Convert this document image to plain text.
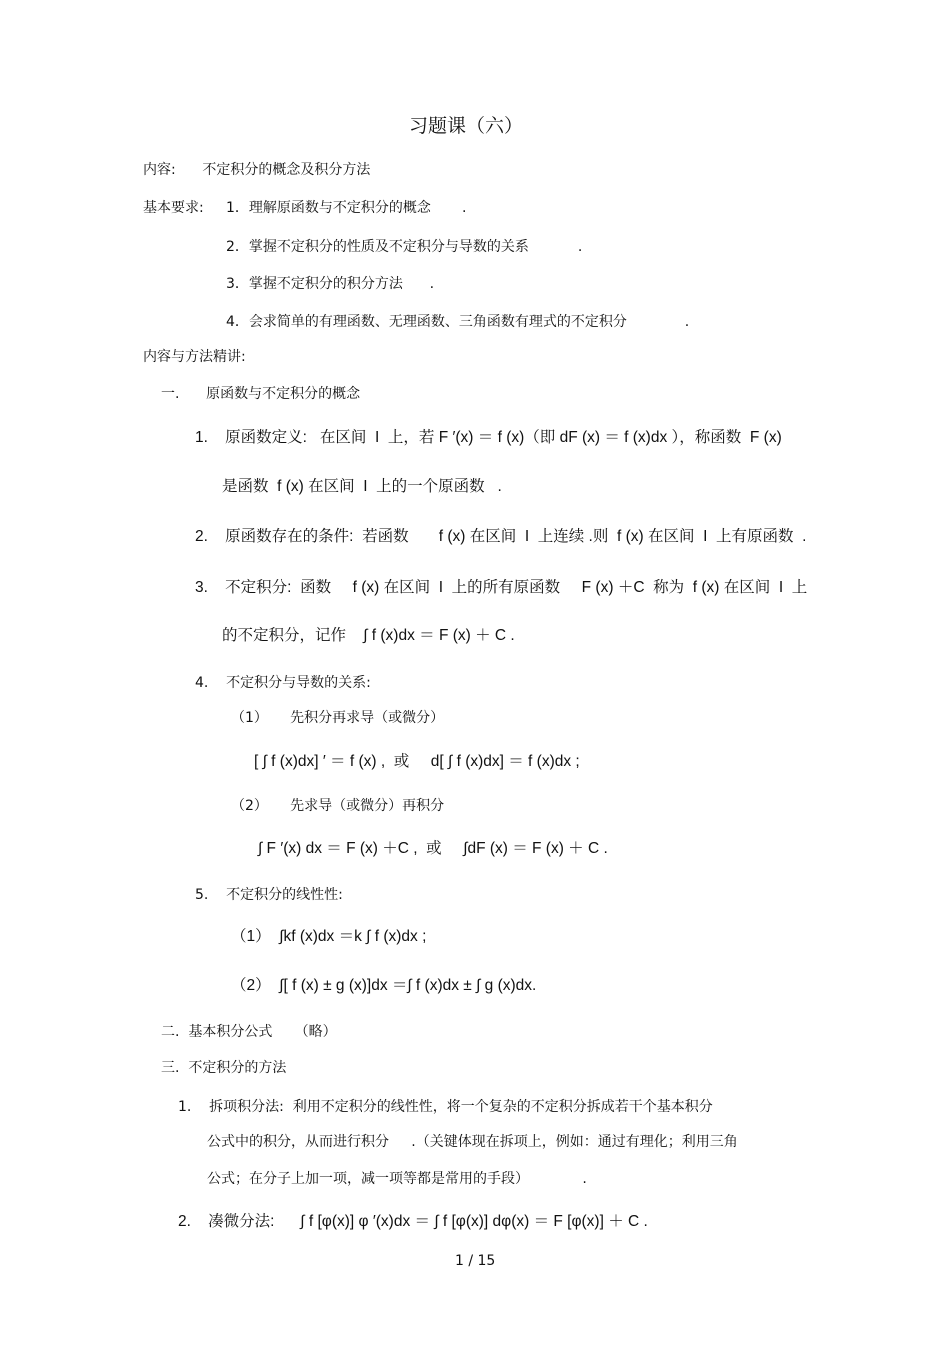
习题课（六）
内容:      不定积分的概念及积分方法
基本要求:     1．理解原函数与不定积分的概念       .
2．掌握不定积分的性质及不定积分与导数的关系           .
3．掌握不定积分的积分方法      .
4．会求简单的有理函数、无理函数、三角函数有理式的不定积分             .
内容与方法精讲:
一.      原函数与不定积分的概念
1.    原函数定义:   在区间  I  上，若 F ′(x) ＝ f (x)（即 dF (x) ＝ f (x)dx ），称函数  F (x)
是函数  f (x) 在区间  I  上的一个原函数   .
2.    原函数存在的条件:  若函数       f (x) 在区间  I  上连续 .则  f (x) 在区间  I  上有原函数  .
3.    不定积分:  函数     f (x) 在区间  I  上的所有原函数     F (x) ＋C  称为  f (x) 在区间  I  上
的不定积分，记作    ∫ f (x)dx ＝ F (x) ＋ C .
4.    不定积分与导数的关系:
（1）     先积分再求导（或微分）
[ ∫ f (x)dx] ′ ＝ f (x) ,  或     d[ ∫ f (x)dx] ＝ f (x)dx ;
（2）     先求导（或微分）再积分
∫ F ′(x) dx ＝ F (x) ＋C ,  或     ∫dF (x) ＝ F (x) ＋ C .
5.    不定积分的线性性:
（1）  ∫kf (x)dx ＝k ∫ f (x)dx ;
（2）  ∫[ f (x) ± g (x)]dx ＝∫ f (x)dx ± ∫ g (x)dx.
二.  基本积分公式     （略）
三.  不定积分的方法
1.    拆项积分法:  利用不定积分的线性性，将一个复杂的不定积分拆成若干个基本积分
公式中的积分，从而进行积分     .（关键体现在拆项上，例如：通过有理化；利用三角
公式；在分子上加一项，减一项等都是常用的手段）            .
2.    凑微分法:      ∫ f [φ(x)] φ ′(x)dx ＝ ∫ f [φ(x)] dφ(x) ＝ F [φ(x)] ＋ C .
1 / 15
